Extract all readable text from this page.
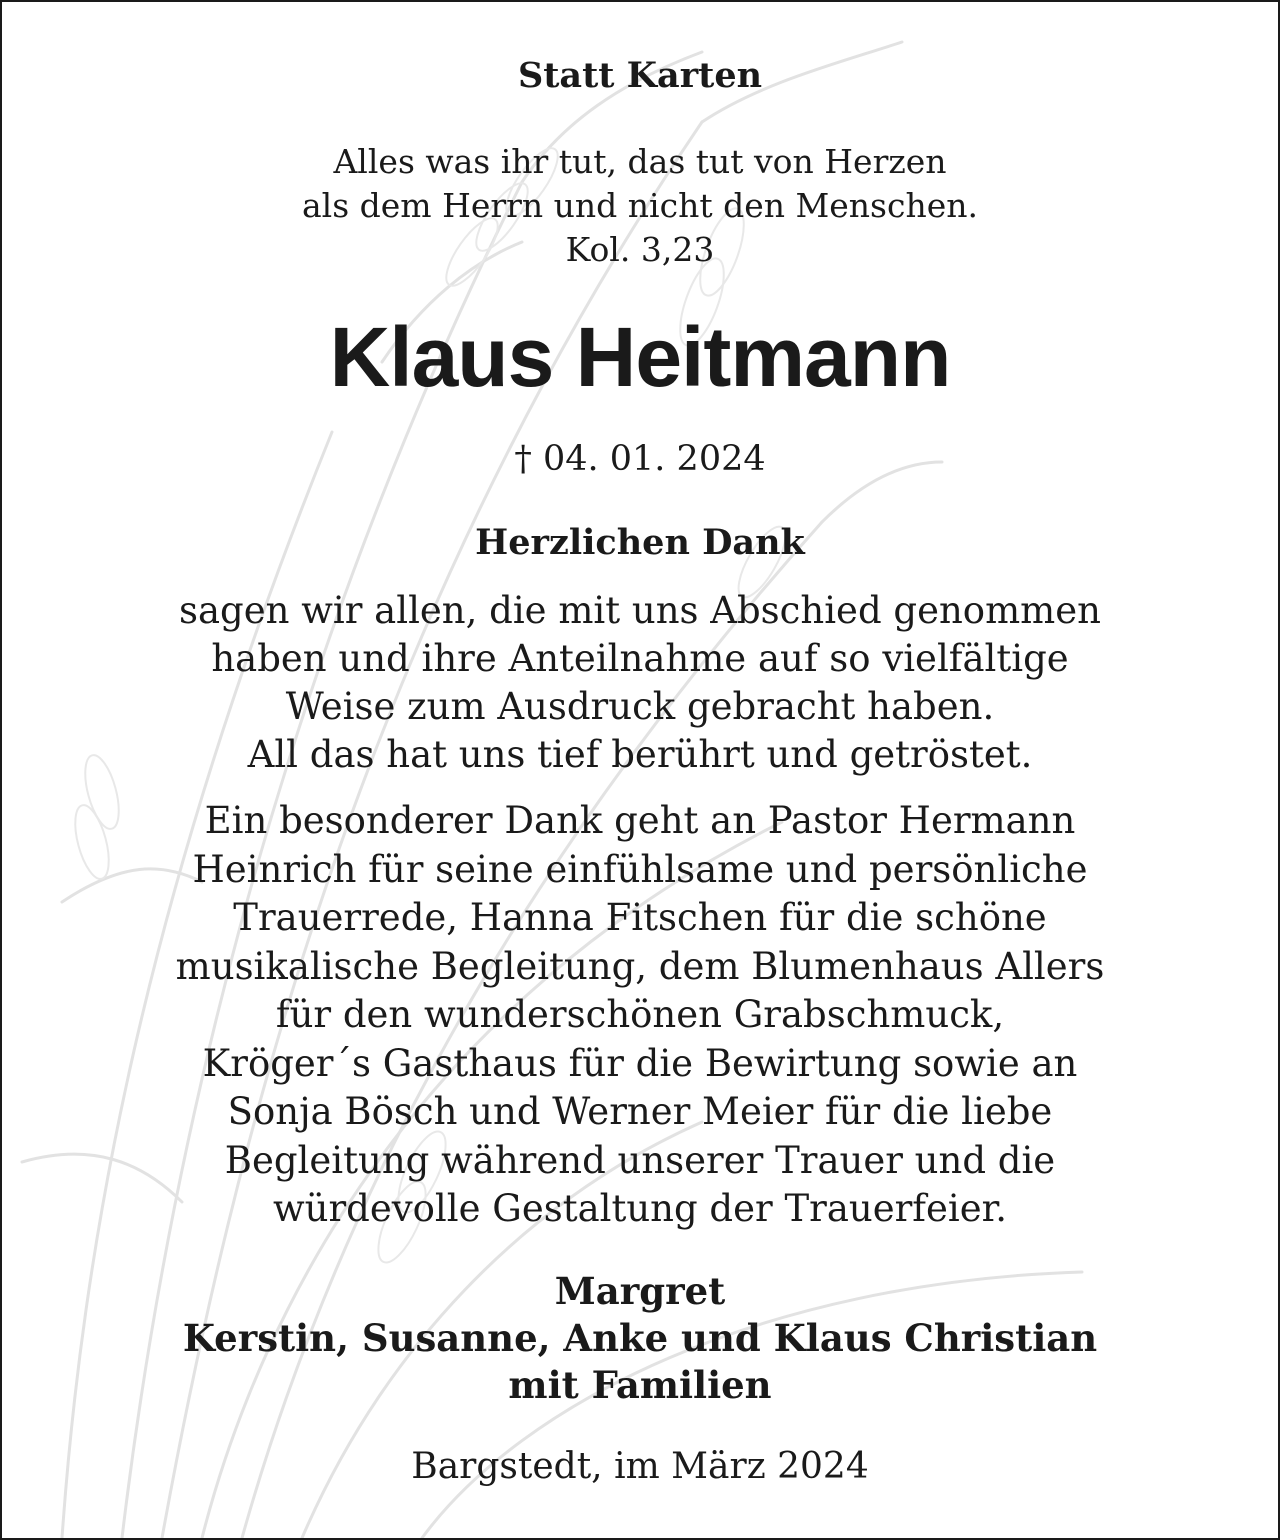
Statt Karten
Alles was ihr tut, das tut von Herzen
als dem Herrn und nicht den Menschen.
Kol. 3,23
Klaus Heitmann
† 04. 01. 2024
Herzlichen Dank
sagen wir allen, die mit uns Abschied genommen
haben und ihre Anteilnahme auf so vielfältige
Weise zum Ausdruck gebracht haben.
All das hat uns tief berührt und getröstet.
Ein besonderer Dank geht an Pastor Hermann
Heinrich für seine einfühlsame und persönliche
Trauerrede, Hanna Fitschen für die schöne
musikalische Begleitung, dem Blumenhaus Allers
für den wunderschönen Grabschmuck,
Kröger´s Gasthaus für die Bewirtung sowie an
Sonja Bösch und Werner Meier für die liebe
Begleitung während unserer Trauer und die
würdevolle Gestaltung der Trauerfeier.
Margret
Kerstin, Susanne, Anke und Klaus Christian
mit Familien
Bargstedt, im März 2024
